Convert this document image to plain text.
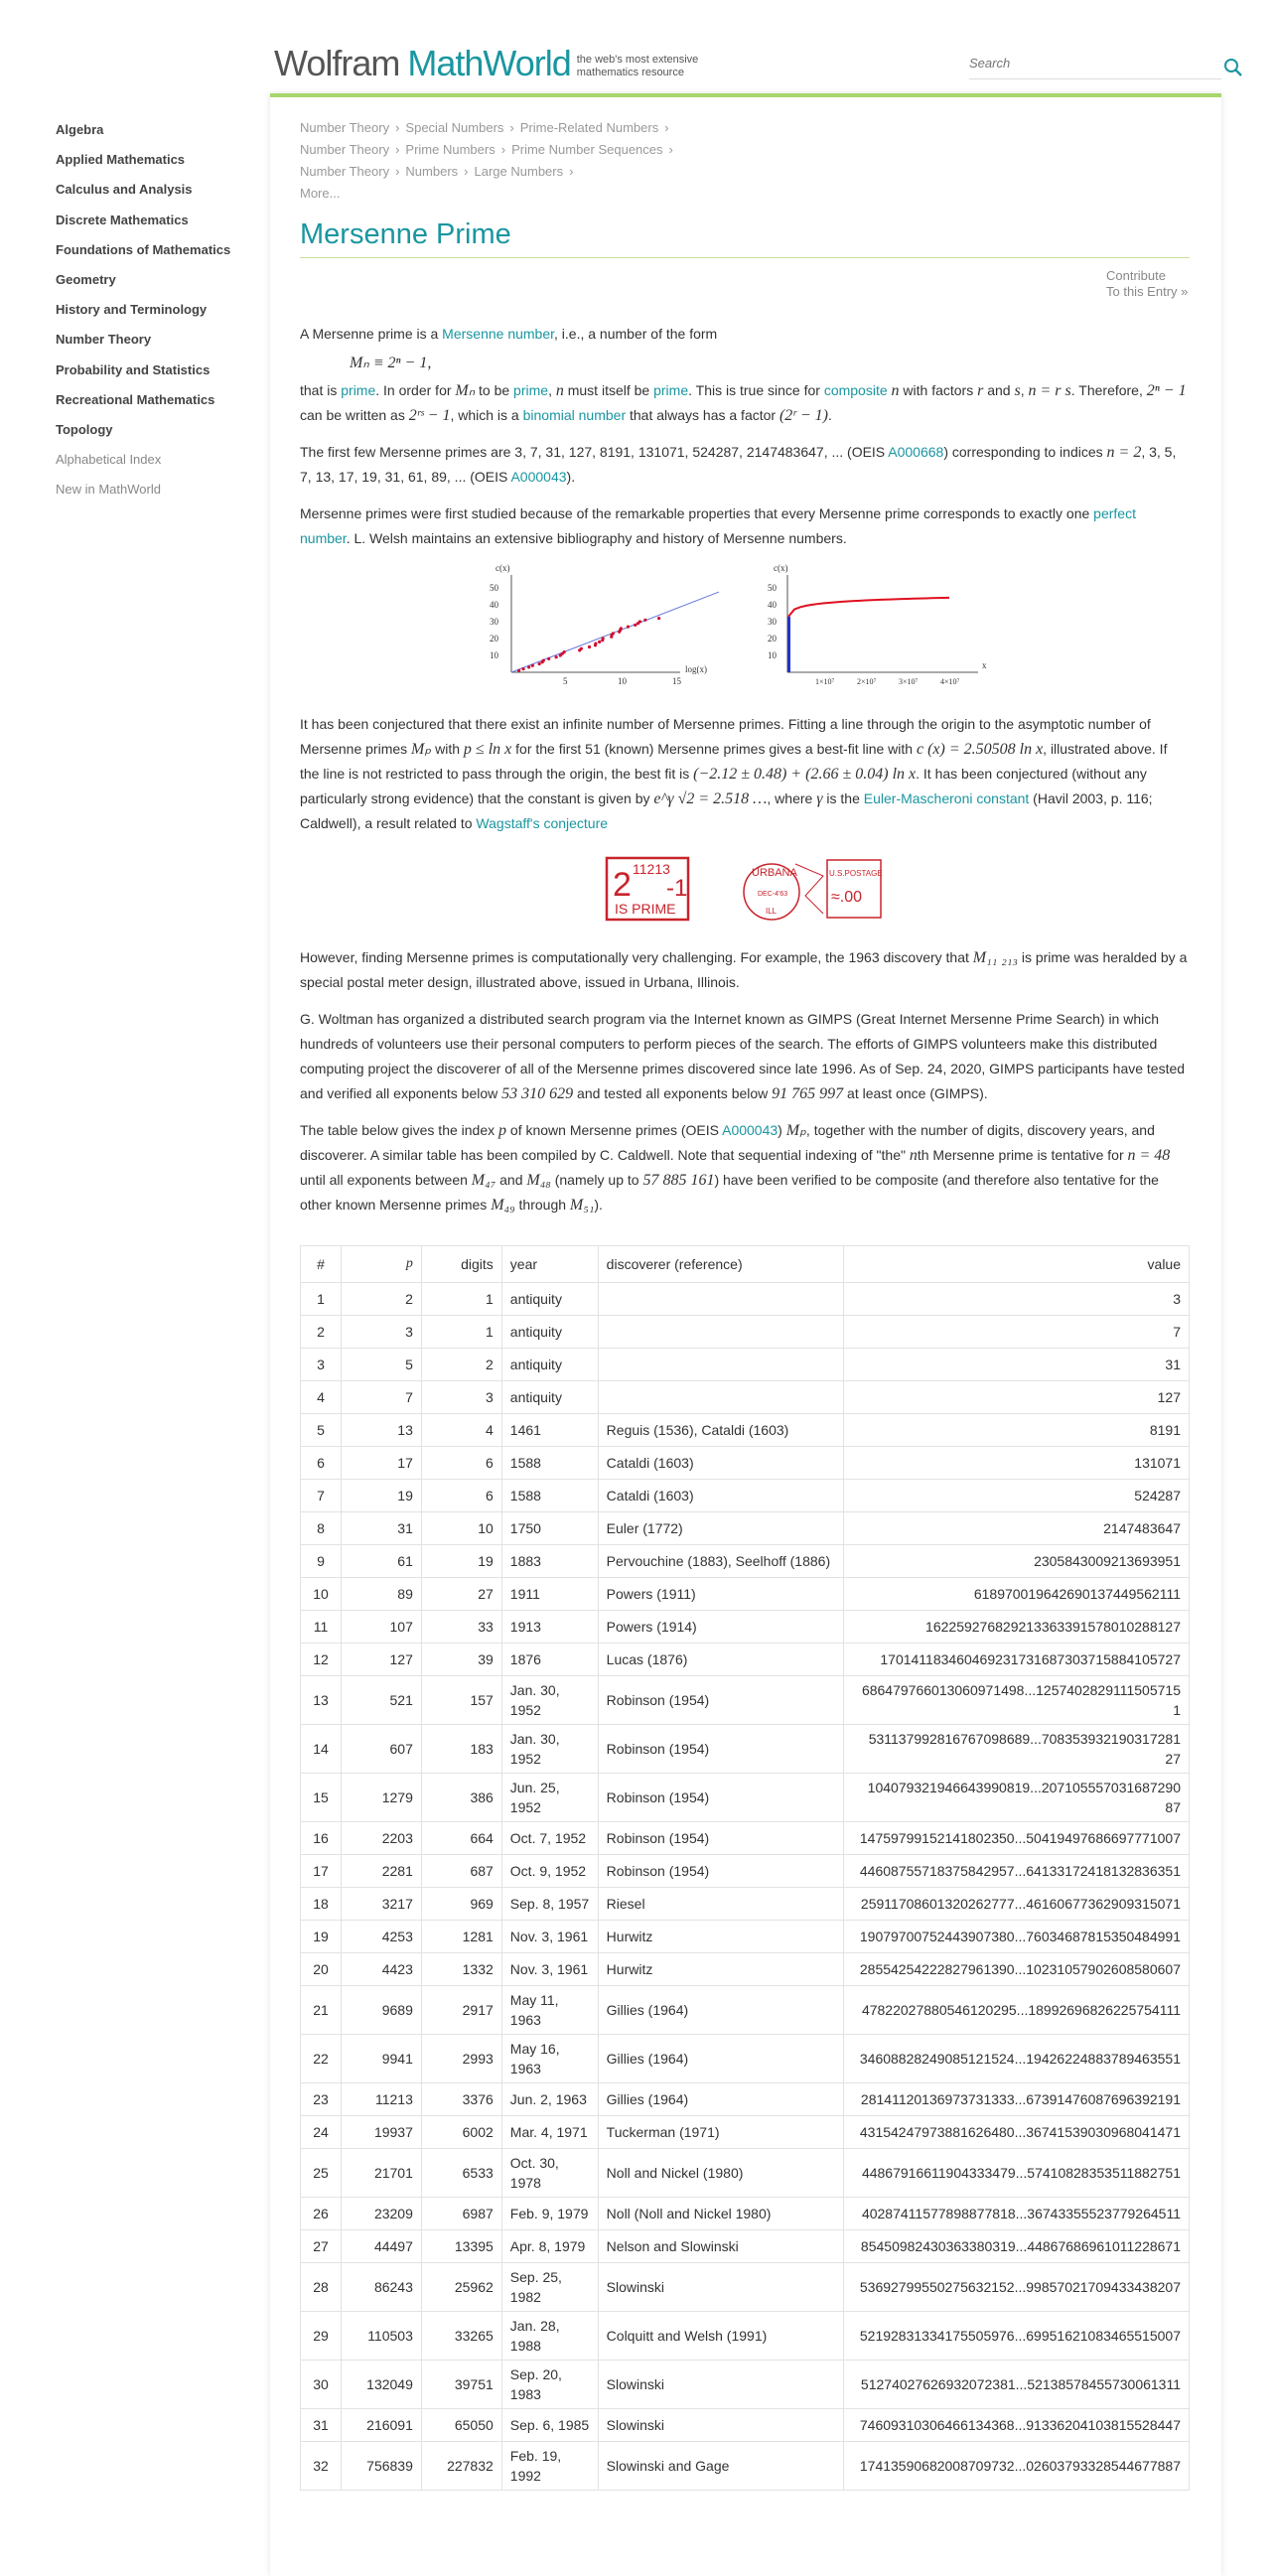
Wolfram MathWorld the web's most extensive
mathematics resource
Search
Algebra
Applied Mathematics
Calculus and Analysis
Discrete Mathematics
Foundations of Mathematics
Geometry
History and Terminology
Number Theory
Probability and Statistics
Recreational Mathematics
Topology
Alphabetical Index
New in MathWorld
Number Theory › Special Numbers › Prime-Related Numbers ›
Number Theory › Prime Numbers › Prime Number Sequences ›
Number Theory › Numbers › Large Numbers ›
More...
Mersenne Prime
Contribute
To this Entry »

A Mersenne prime is a Mersenne number, i.e., a number of the form

Mₙ ≡ 2ⁿ − 1,

that is prime. In order for Mₙ to be prime, n must itself be prime. This is true since for composite n with factors r and s, n = r s. Therefore, 2ⁿ − 1 can be written as 2ʳˢ − 1, which is a binomial number that always has a factor (2ʳ − 1).

The first few Mersenne primes are 3, 7, 31, 127, 8191, 131071, 524287, 2147483647, ... (OEIS A000668) corresponding to indices n = 2, 3, 5, 7, 13, 17, 19, 31, 61, 89, ... (OEIS A000043).

Mersenne primes were first studied because of the remarkable properties that every Mersenne prime corresponds to exactly one perfect number. L. Welsh maintains an extensive bibliography and history of Mersenne numbers.

c(x)
log(x)
5	10	15
10
20
30
40
50
c(x)
x
1×10⁷	2×10⁷	3×10⁷	4×10⁷
10
20
30
40
50

It has been conjectured that there exist an infinite number of Mersenne primes. Fitting a line through the origin to the asymptotic number of Mersenne primes Mₚ with p ≤ ln x for the first 51 (known) Mersenne primes gives a best-fit line with c (x) = 2.50508 ln x, illustrated above. If the line is not restricted to pass through the origin, the best fit is (−2.12 ± 0.48) + (2.66 ± 0.04) ln x. It has been conjectured (without any particularly strong evidence) that the constant is given by e^γ √2 = 2.518 …, where γ is the Euler-Mascheroni constant (Havil 2003, p. 116; Caldwell), a result related to Wagstaff's conjecture

2 11213
-1
IS PRIME
URBANA
DEC-4'63
ILL
U.S.POSTAGE
≈.00

However, finding Mersenne primes is computationally very challenging. For example, the 1963 discovery that M₁₁ ₂₁₃ is prime was heralded by a special postal meter design, illustrated above, issued in Urbana, Illinois.

G. Woltman has organized a distributed search program via the Internet known as GIMPS (Great Internet Mersenne Prime Search) in which hundreds of volunteers use their personal computers to perform pieces of the search. The efforts of GIMPS volunteers make this distributed computing project the discoverer of all of the Mersenne primes discovered since late 1996. As of Sep. 24, 2020, GIMPS participants have tested and verified all exponents below 53 310 629 and tested all exponents below 91 765 997 at least once (GIMPS).

The table below gives the index p of known Mersenne primes (OEIS A000043) Mₚ, together with the number of digits, discovery years, and discoverer. A similar table has been compiled by C. Caldwell. Note that sequential indexing of "the" nth Mersenne prime is tentative for n = 48 until all exponents between M₄₇ and M₄₈ (namely up to 57 885 161) have been verified to be composite (and therefore also tentative for the other known Mersenne primes M₄₉ through M₅₁).

#	p	digits	year	discoverer (reference)	value
1	2	1	antiquity		3
2	3	1	antiquity		7
3	5	2	antiquity		31
4	7	3	antiquity		127
5	13	4	1461	Reguis (1536), Cataldi (1603)	8191
6	17	6	1588	Cataldi (1603)	131071
7	19	6	1588	Cataldi (1603)	524287
8	31	10	1750	Euler (1772)	2147483647
9	61	19	1883	Pervouchine (1883), Seelhoff (1886)	2305843009213693951
10	89	27	1911	Powers (1911)	618970019642690137449562111
11	107	33	1913	Powers (1914)	162259276829213363391578010288127
12	127	39	1876	Lucas (1876)	170141183460469231731687303715884105727
13	521	157	Jan. 30, 1952	Robinson (1954)	686479766013060971498...1257402829111505715 1
14	607	183	Jan. 30, 1952	Robinson (1954)	531137992816767098689...708353932190317281 27
15	1279	386	Jun. 25, 1952	Robinson (1954)	104079321946643990819...207105557031687290 87
16	2203	664	Oct. 7, 1952	Robinson (1954)	14759799152141802350...50419497686697771007
17	2281	687	Oct. 9, 1952	Robinson (1954)	44608755718375842957...64133172418132836351
18	3217	969	Sep. 8, 1957	Riesel	25911708601320262777...46160677362909315071
19	4253	1281	Nov. 3, 1961	Hurwitz	19079700752443907380...76034687815350484991
20	4423	1332	Nov. 3, 1961	Hurwitz	28554254222827961390...10231057902608580607
21	9689	2917	May 11, 1963	Gillies (1964)	47822027880546120295...18992696826225754111
22	9941	2993	May 16, 1963	Gillies (1964)	34608828249085121524...19426224883789463551
23	11213	3376	Jun. 2, 1963	Gillies (1964)	28141120136973731333...67391476087696392191
24	19937	6002	Mar. 4, 1971	Tuckerman (1971)	43154247973881626480...36741539030968041471
25	21701	6533	Oct. 30, 1978	Noll and Nickel (1980)	44867916611904333479...57410828353511882751
26	23209	6987	Feb. 9, 1979	Noll (Noll and Nickel 1980)	40287411577898877818...36743355523779264511
27	44497	13395	Apr. 8, 1979	Nelson and Slowinski	85450982430363380319...44867686961011228671
28	86243	25962	Sep. 25, 1982	Slowinski	53692799550275632152...99857021709433438207
29	110503	33265	Jan. 28, 1988	Colquitt and Welsh (1991)	52192831334175505976...69951621083465515007
30	132049	39751	Sep. 20, 1983	Slowinski	51274027626932072381...52138578455730061311
31	216091	65050	Sep. 6, 1985	Slowinski	74609310306466134368...91336204103815528447
32	756839	227832	Feb. 19, 1992	Slowinski and Gage	17413590682008709732...02603793328544677887
